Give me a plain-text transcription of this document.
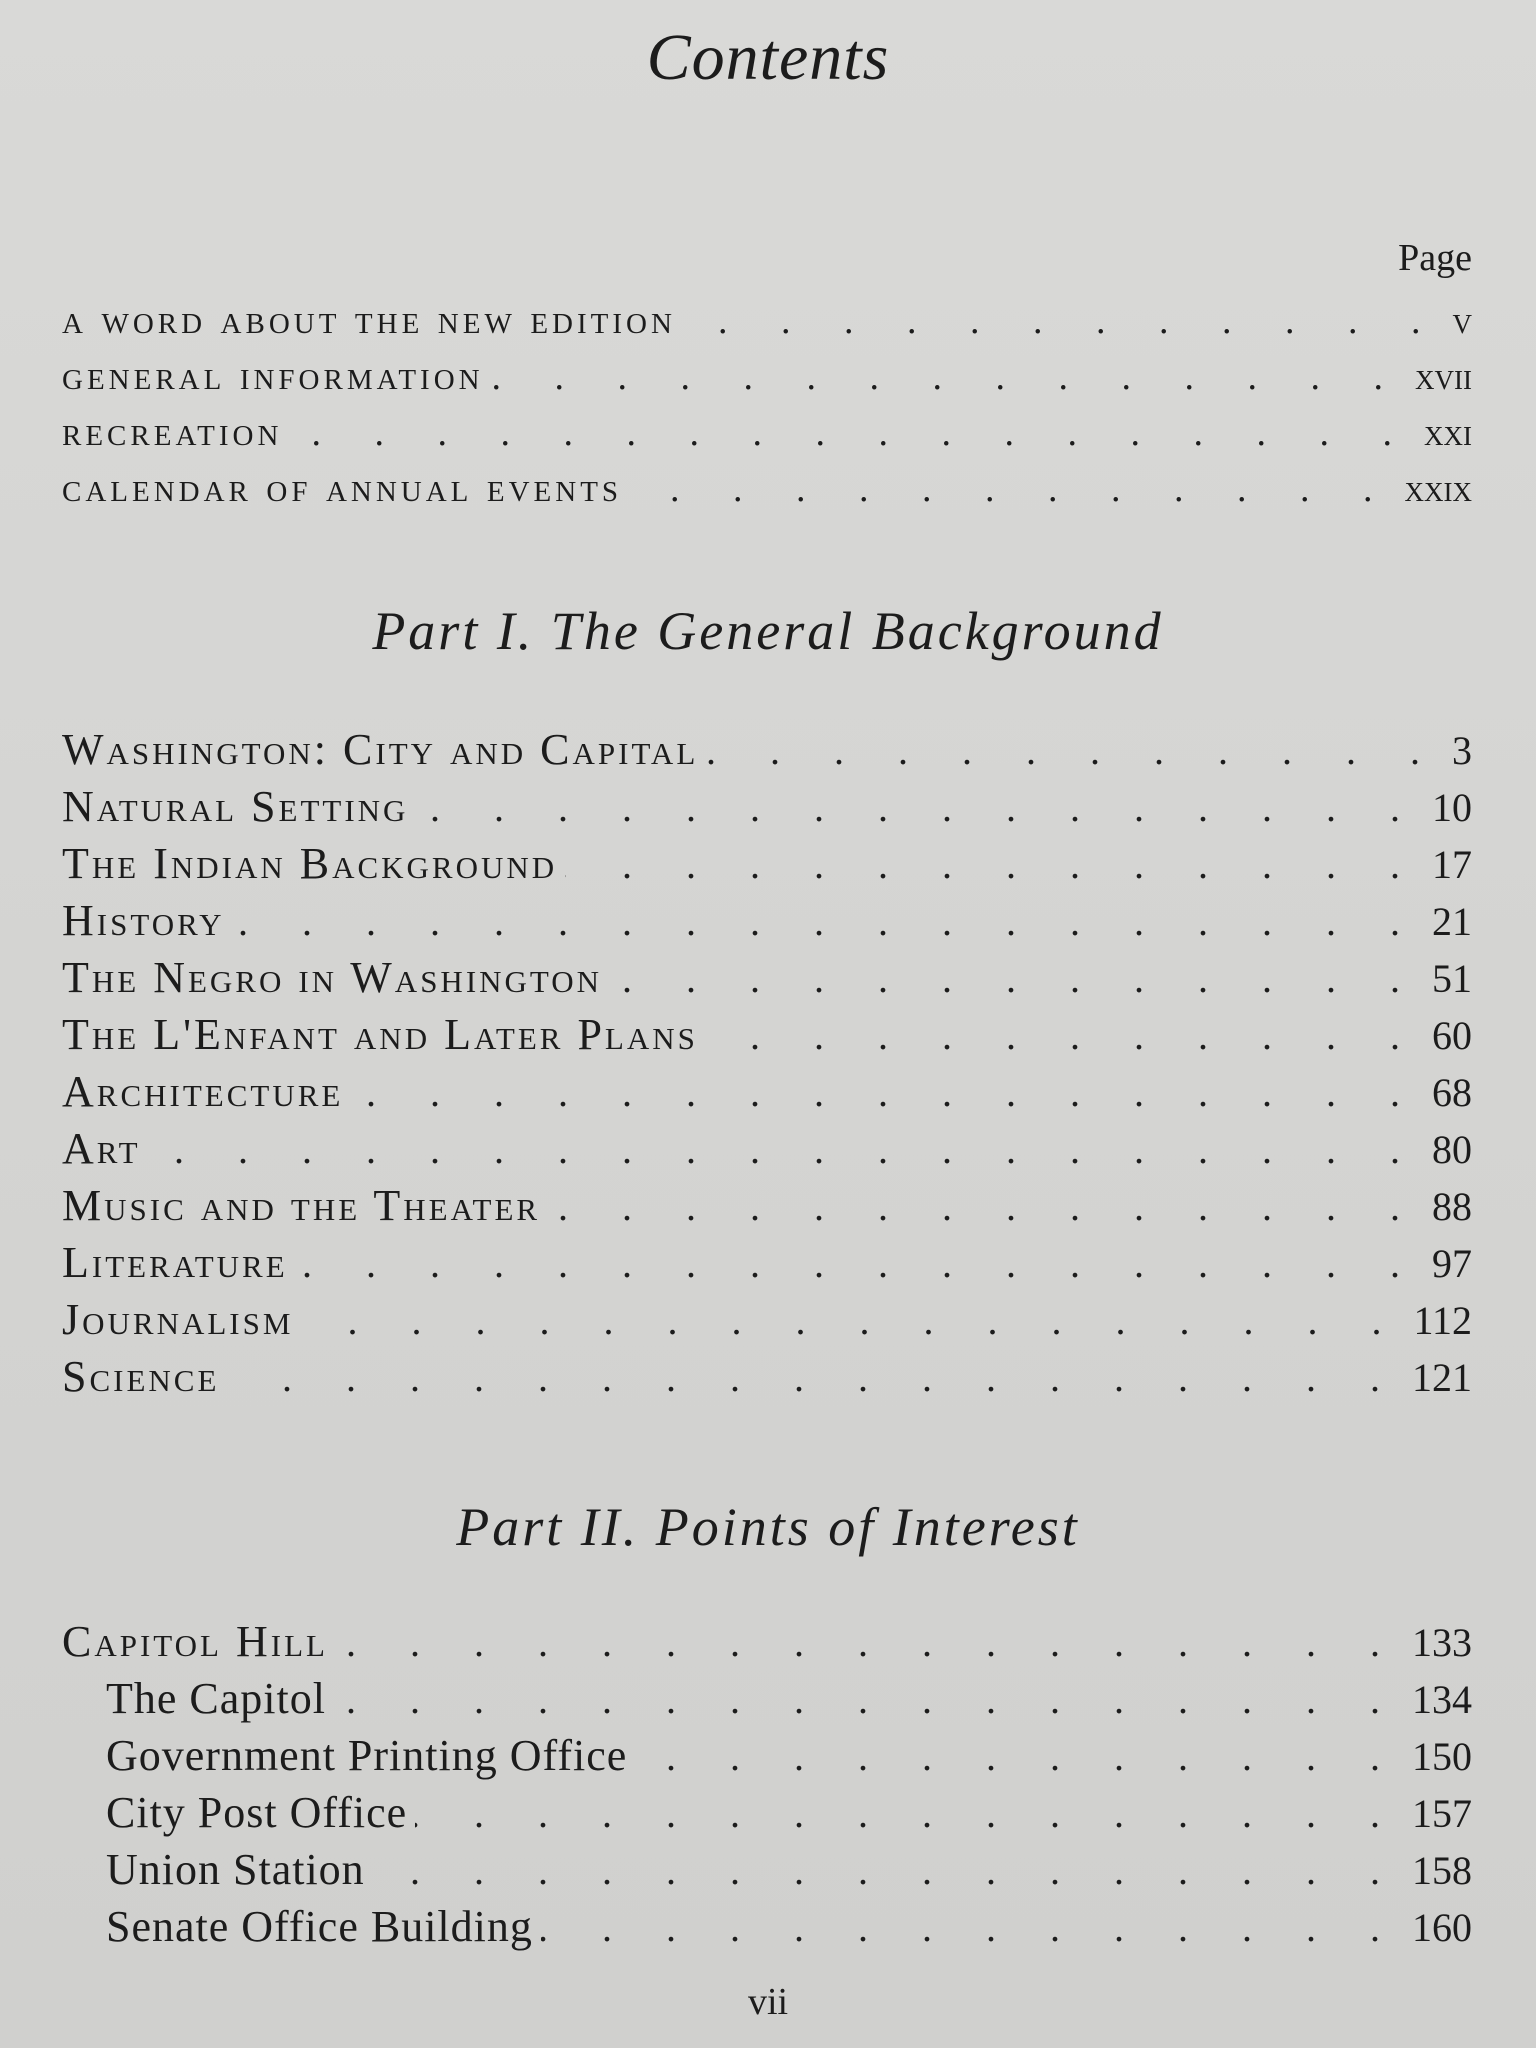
Contents
Page
a word about the new edition . . .	v
general information . . .	xvii
recreation . . .	xxi
calendar of annual events . . .	xxix
Part I. The General Background
Washington: City and Capital . . .	3
Natural Setting . . .	10
The Indian Background . . .	17
History . . .	21
The Negro in Washington . . .	51
The L'Enfant and Later Plans . . .	60
Architecture . . .	68
Art . . .	80
Music and the Theater . . .	88
Literature . . .	97
Journalism . . .	112
Science . . .	121
Part II. Points of Interest
Capitol Hill . . .	133
The Capitol . . .	134
Government Printing Office . . .	150
City Post Office . . .	157
Union Station . . .	158
Senate Office Building . . .	160
vii
